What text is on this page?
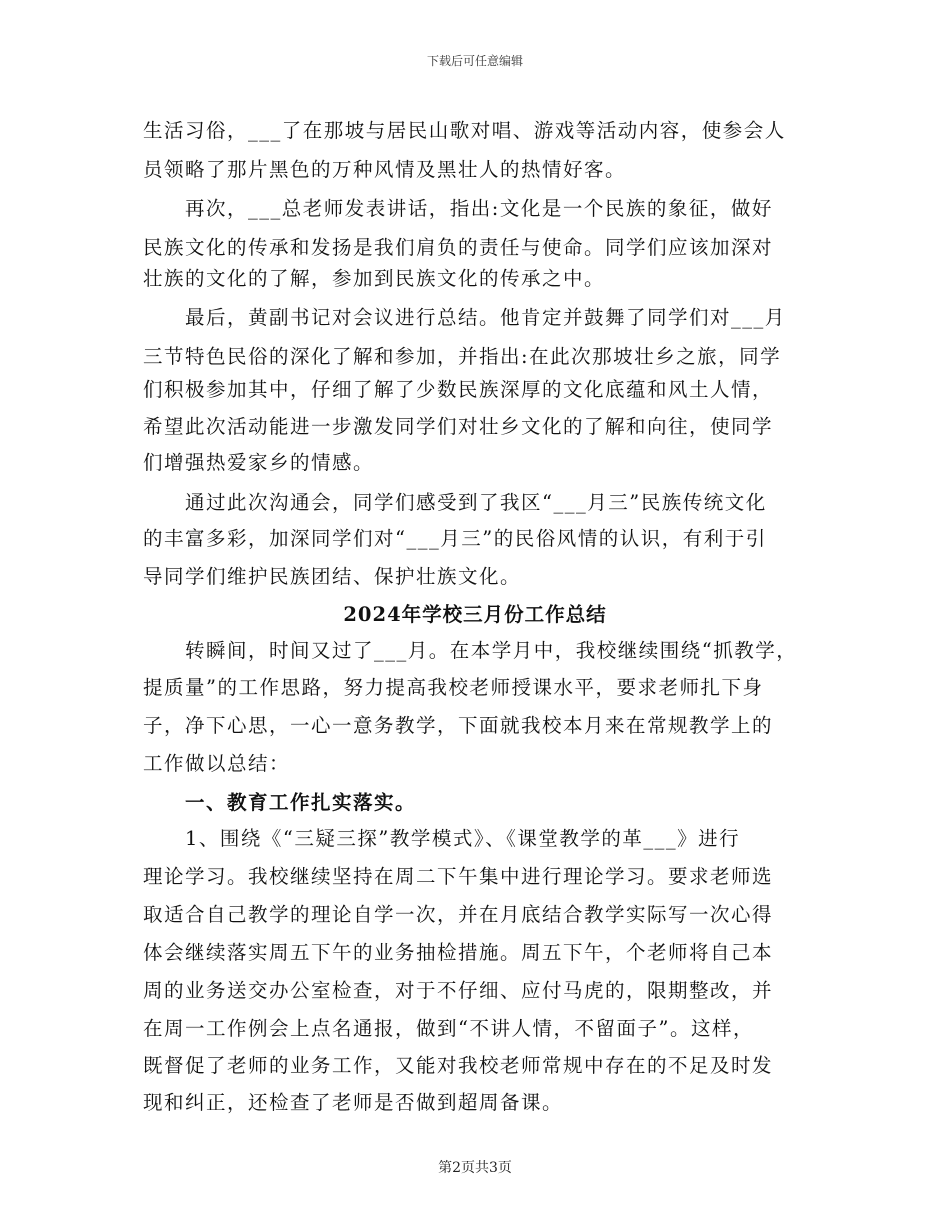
下载后可任意编辑
生活习俗，___了在那坡与居民山歌对唱、游戏等活动内容，使参会人
员领略了那片黑色的万种风情及黑壮人的热情好客。
　　再次，___总老师发表讲话，指出:文化是一个民族的象征，做好
民族文化的传承和发扬是我们肩负的责任与使命。同学们应该加深对
壮族的文化的了解，参加到民族文化的传承之中。
　　最后，黄副书记对会议进行总结。他肯定并鼓舞了同学们对___月
三节特色民俗的深化了解和参加，并指出:在此次那坡壮乡之旅，同学
们积极参加其中，仔细了解了少数民族深厚的文化底蕴和风土人情，
希望此次活动能进一步激发同学们对壮乡文化的了解和向往，使同学
们增强热爱家乡的情感。
　　通过此次沟通会，同学们感受到了我区“___月三”民族传统文化
的丰富多彩，加深同学们对“___月三”的民俗风情的认识，有利于引
导同学们维护民族团结、保护壮族文化。
2024年学校三月份工作总结
　　转瞬间，时间又过了___月。在本学月中，我校继续围绕“抓教学，
提质量”的工作思路，努力提高我校老师授课水平，要求老师扎下身
子，净下心思，一心一意务教学，下面就我校本月来在常规教学上的
工作做以总结：
　　一、教育工作扎实落实。
　　1、围绕《“三疑三探”教学模式》、《课堂教学的革___》进行
理论学习。我校继续坚持在周二下午集中进行理论学习。要求老师选
取适合自己教学的理论自学一次，并在月底结合教学实际写一次心得
体会继续落实周五下午的业务抽检措施。周五下午，个老师将自己本
周的业务送交办公室检查，对于不仔细、应付马虎的，限期整改，并
在周一工作例会上点名通报，做到“不讲人情，不留面子”。这样，
既督促了老师的业务工作，又能对我校老师常规中存在的不足及时发
现和纠正，还检查了老师是否做到超周备课。
第2页共3页
